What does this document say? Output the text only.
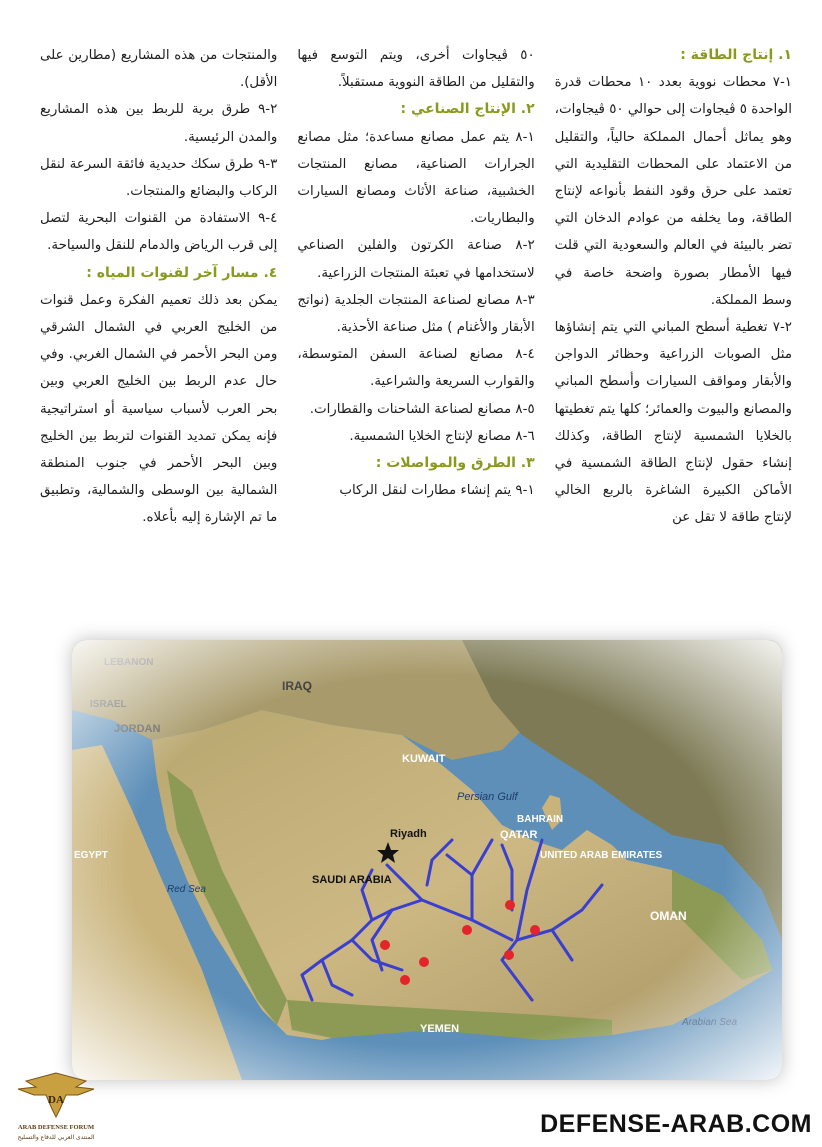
١. إنتاج الطاقة :

١-٧ محطات نووية بعدد ١٠ محطات قدرة الواحدة ٥ ڤيجاوات إلى حوالي ٥٠ ڤيجاوات، وهو يماثل أحمال المملكة حالياً، والتقليل من الاعتماد على المحطات التقليدية التي تعتمد على حرق وقود النفط بأنواعه لإنتاج الطاقة، وما يخلفه من عوادم الدخان التي تضر بالبيئة في العالم والسعودية التي قلت فيها الأمطار بصورة واضحة خاصة في وسط المملكة.

٢-٧ تغطية أسطح المباني التي يتم إنشاؤها مثل الصوبات الزراعية وحظائر الدواجن والأبقار ومواقف السيارات وأسطح المباني والمصانع والبيوت والعمائر؛ كلها يتم تغطيتها بالخلايا الشمسية لإنتاج الطاقة، وكذلك إنشاء حقول لإنتاج الطاقة الشمسية في الأماكن الكبيرة الشاغرة بالربع الخالي لإنتاج طاقة لا تقل عن

٥٠ ڤيجاوات أخرى، ويتم التوسع فيها والتقليل من الطاقة النووية مستقبلاً.

٢. الإنتاج الصناعي :

١-٨ يتم عمل مصانع مساعدة؛ مثل مصانع الجرارات الصناعية، مصانع المنتجات الخشبية، صناعة الأثاث ومصانع السيارات والبطاريات.

٢-٨ صناعة الكرتون والفلين الصناعي لاستخدامها في تعبئة المنتجات الزراعية.

٣-٨ مصانع لصناعة المنتجات الجلدية (نواتج الأبقار والأغنام ) مثل صناعة الأحذية.

٤-٨ مصانع لصناعة السفن المتوسطة، والقوارب السريعة والشراعية.

٥-٨ مصانع لصناعة الشاحنات والقطارات.

٦-٨ مصانع لإنتاج الخلايا الشمسية.

٣. الطرق والمواصلات :

١-٩ يتم إنشاء مطارات لنقل الركاب

والمنتجات من هذه المشاريع (مطارين على الأقل).

٢-٩ طرق برية للربط بين هذه المشاريع والمدن الرئيسية.

٣-٩ طرق سكك حديدية فائقة السرعة لنقل الركاب والبضائع والمنتجات.

٤-٩ الاستفادة من القنوات البحرية لتصل إلى قرب الرياض والدمام للنقل والسياحة.

٤. مسار آخر لقنوات المياه :

يمكن بعد ذلك تعميم الفكرة وعمل قنوات من الخليج العربي في الشمال الشرقي ومن البحر الأحمر في الشمال الغربي. وفي حال عدم الربط بين الخليج العربي وبين بحر العرب لأسباب سياسية أو استراتيجية فإنه يمكن تمديد القنوات لتربط بين الخليج وبين البحر الأحمر في جنوب المنطقة الشمالية بين الوسطى والشمالية، وتطبيق ما تم الإشارة إليه بأعلاه.

DA
ARAB DEFENSE FORUM
المنتدى العربي للدفاع والتسليح	DEFENSE-ARAB.COM
